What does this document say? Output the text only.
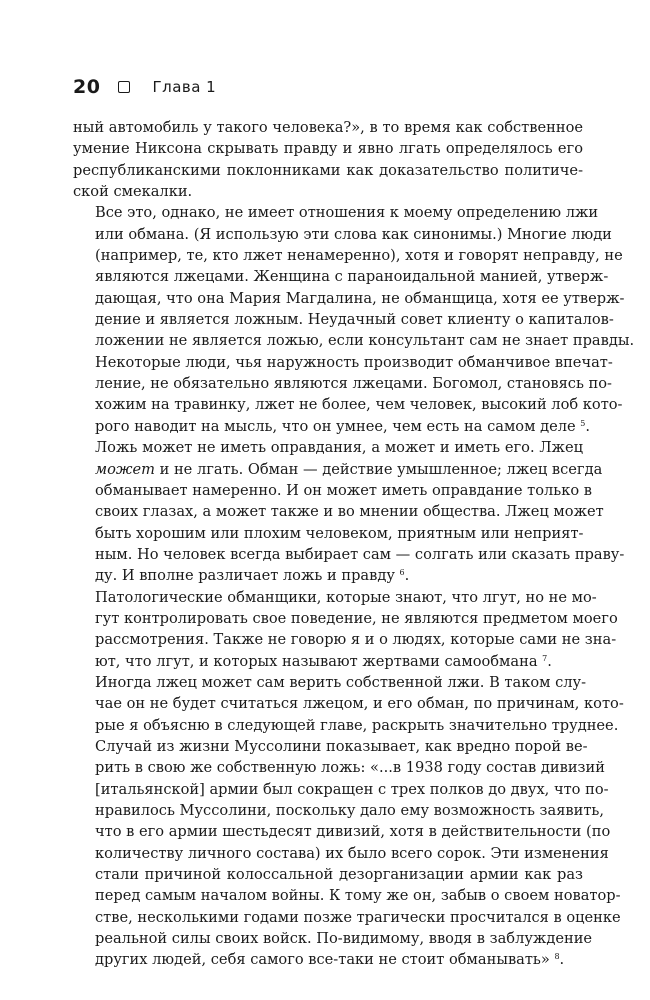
20	Глава 1

ный автомобиль у такого человека?», в то время как собственное
умение Никсона скрывать правду и явно лгать определялось его
республиканскими поклонниками как доказательство политиче-
ской смекалки.

Все это, однако, не имеет отношения к моему определению лжи
или обмана. (Я использую эти слова как синонимы.) Многие люди
(например, те, кто лжет ненамеренно), хотя и говорят неправду, не
являются лжецами. Женщина с параноидальной манией, утверж-
дающая, что она Мария Магдалина, не обманщица, хотя ее утверж-
дение и является ложным. Неудачный совет клиенту о капиталов-
ложении не является ложью, если консультант сам не знает правды.
Некоторые люди, чья наружность производит обманчивое впечат-
ление, не обязательно являются лжецами. Богомол, становясь по-
хожим на травинку, лжет не более, чем человек, высокий лоб кото-
рого наводит на мысль, что он умнее, чем есть на самом деле $^5$.

Ложь может не иметь оправдания, а может и иметь его. Лжец
может и не лгать. Обман — действие умышленное; лжец всегда
обманывает намеренно. И он может иметь оправдание только в
своих глазах, а может также и во мнении общества. Лжец может
быть хорошим или плохим человеком, приятным или неприят-
ным. Но человек всегда выбирает сам — солгать или сказать праву-
ду. И вполне различает ложь и правду $^6$.

Патологические обманщики, которые знают, что лгут, но не мо-
гут контролировать свое поведение, не являются предметом моего
рассмотрения. Также не говорю я и о людях, которые сами не зна-
ют, что лгут, и которых называют жертвами самообмана $^7$.

Иногда лжец может сам верить собственной лжи. В таком слу-
чае он не будет считаться лжецом, и его обман, по причинам, кото-
рые я объясню в следующей главе, раскрыть значительно труднее.
Случай из жизни Муссолини показывает, как вредно порой ве-
рить в свою же собственную ложь: «...в 1938 году состав дивизий
[итальянской] армии был сокращен с трех полков до двух, что по-
нравилось Муссолини, поскольку дало ему возможность заявить,
что в его армии шестьдесят дивизий, хотя в действительности (по
количеству личного состава) их было всего сорок. Эти изменения
стали причиной колоссальной дезорганизации армии как раз
перед самым началом войны. К тому же он, забыв о своем новатор-
стве, несколькими годами позже трагически просчитался в оценке
реальной силы своих войск. По-видимому, вводя в заблуждение
других людей, себя самого все-таки не стоит обманывать» $^8$.
